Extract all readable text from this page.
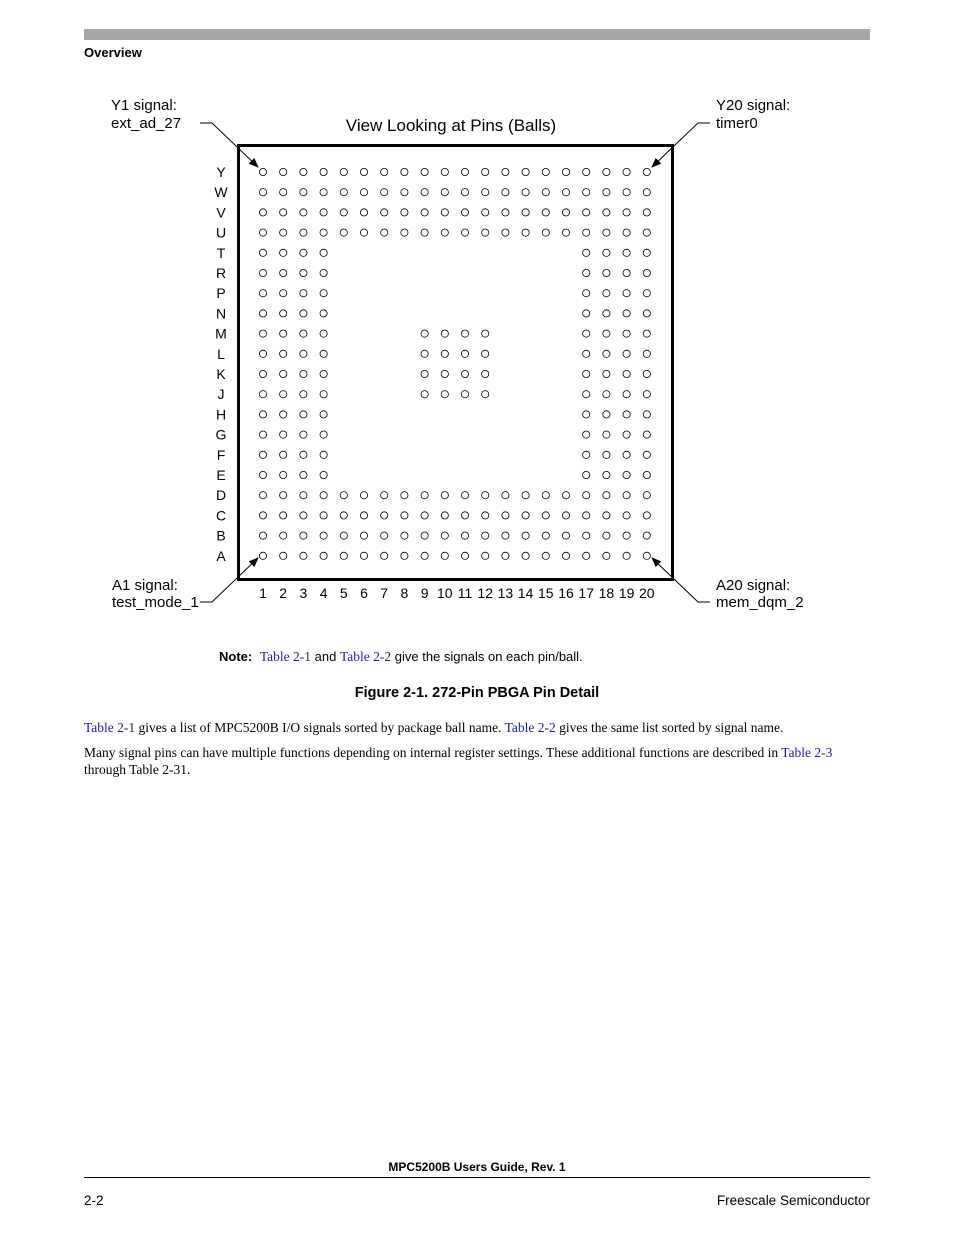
Overview
View Looking at Pins (Balls)
Y1 signal:
ext_ad_27
Y20 signal:
timer0
A1 signal:
test_mode_1
A20 signal:
mem_dqm_2
Y
W
V
U
T
R
P
N
M
L
K
J
H
G
F
E
D
C
B
A
1 2 3 4 5 6 7 8 9 10 11 12 13 14 15 16 17 18 19 20
Note: Table 2-1 and Table 2-2 give the signals on each pin/ball.
Figure 2-1. 272-Pin PBGA Pin Detail
Table 2-1 gives a list of MPC5200B I/O signals sorted by package ball name. Table 2-2 gives the same list sorted by signal name.
Many signal pins can have multiple functions depending on internal register settings. These additional functions are described in Table 2-3 through Table 2-31.
MPC5200B Users Guide, Rev. 1
2-2	Freescale Semiconductor
